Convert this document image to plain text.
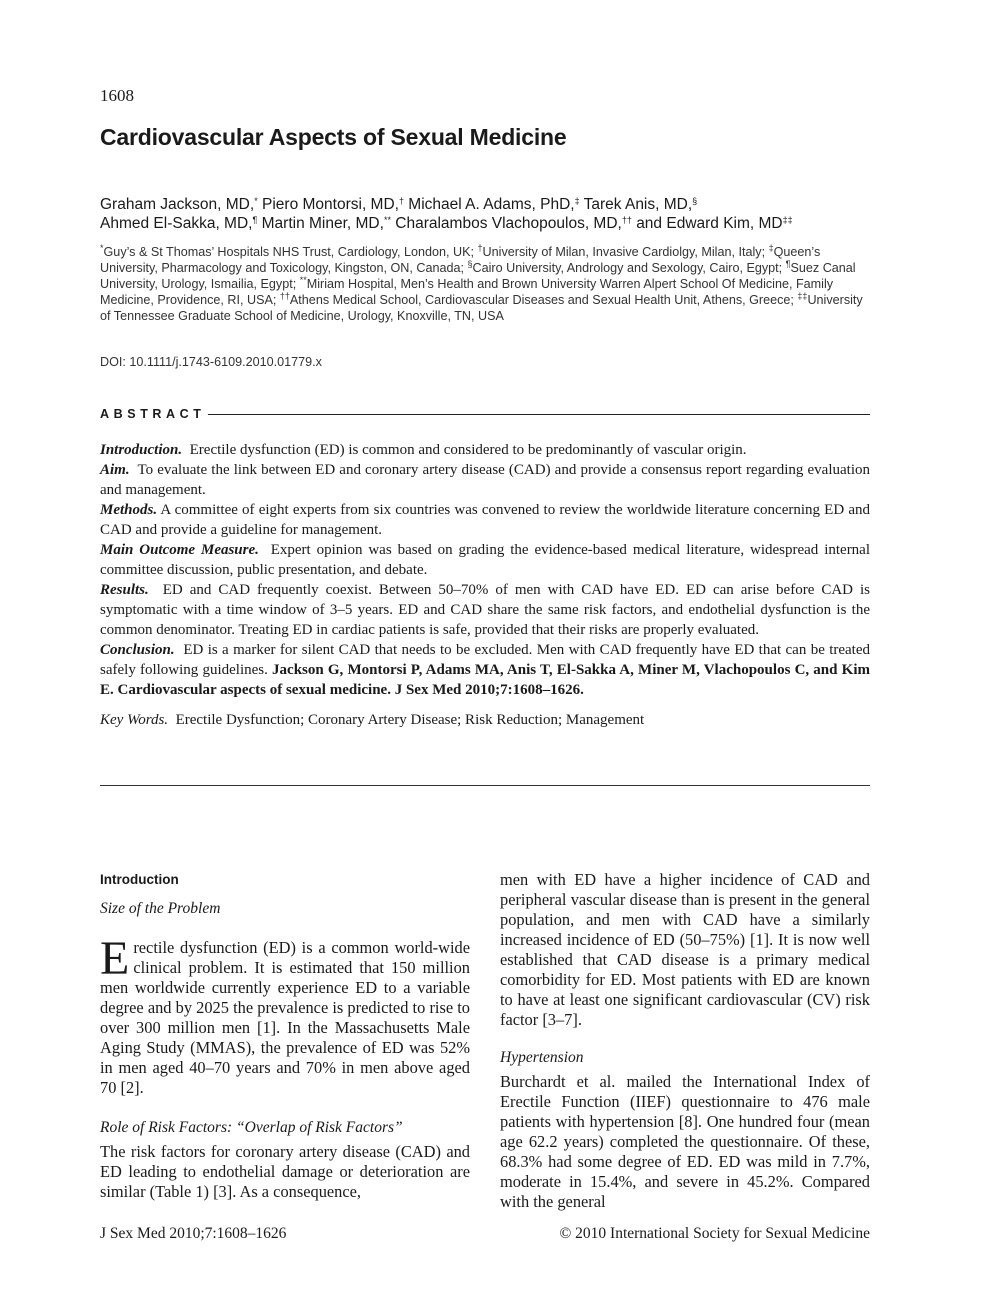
1608
Cardiovascular Aspects of Sexual Medicine
Graham Jackson, MD,* Piero Montorsi, MD,† Michael A. Adams, PhD,‡ Tarek Anis, MD,§
Ahmed El-Sakka, MD,¶ Martin Miner, MD,** Charalambos Vlachopoulos, MD,†† and Edward Kim, MD‡‡
*Guy’s & St Thomas’ Hospitals NHS Trust, Cardiology, London, UK; †University of Milan, Invasive Cardiolgy, Milan, Italy; ‡Queen’s University, Pharmacology and Toxicology, Kingston, ON, Canada; §Cairo University, Andrology and Sexology, Cairo, Egypt; ¶Suez Canal University, Urology, Ismailia, Egypt; **Miriam Hospital, Men’s Health and Brown University Warren Alpert School Of Medicine, Family Medicine, Providence, RI, USA; ††Athens Medical School, Cardiovascular Diseases and Sexual Health Unit, Athens, Greece; ‡‡University of Tennessee Graduate School of Medicine, Urology, Knoxville, TN, USA
DOI: 10.1111/j.1743-6109.2010.01779.x
ABSTRACT

Introduction. Erectile dysfunction (ED) is common and considered to be predominantly of vascular origin.

Aim. To evaluate the link between ED and coronary artery disease (CAD) and provide a consensus report regarding evaluation and management.

Methods. A committee of eight experts from six countries was convened to review the worldwide literature concerning ED and CAD and provide a guideline for management.

Main Outcome Measure. Expert opinion was based on grading the evidence-based medical literature, widespread internal committee discussion, public presentation, and debate.

Results. ED and CAD frequently coexist. Between 50–70% of men with CAD have ED. ED can arise before CAD is symptomatic with a time window of 3–5 years. ED and CAD share the same risk factors, and endothelial dysfunction is the common denominator. Treating ED in cardiac patients is safe, provided that their risks are properly evaluated.

Conclusion. ED is a marker for silent CAD that needs to be excluded. Men with CAD frequently have ED that can be treated safely following guidelines. Jackson G, Montorsi P, Adams MA, Anis T, El-Sakka A, Miner M, Vlachopoulos C, and Kim E. Cardiovascular aspects of sexual medicine. J Sex Med 2010;7:1608–1626.

Key Words. Erectile Dysfunction; Coronary Artery Disease; Risk Reduction; Management

Introduction

Size of the Problem

Erectile dysfunction (ED) is a common world-wide clinical problem. It is estimated that 150 million men worldwide currently experience ED to a variable degree and by 2025 the prevalence is predicted to rise to over 300 million men [1]. In the Massachusetts Male Aging Study (MMAS), the prevalence of ED was 52% in men aged 40–70 years and 70% in men above aged 70 [2].

Role of Risk Factors: “Overlap of Risk Factors”

The risk factors for coronary artery disease (CAD) and ED leading to endothelial damage or deterioration are similar (Table 1) [3]. As a consequence,

men with ED have a higher incidence of CAD and peripheral vascular disease than is present in the general population, and men with CAD have a similarly increased incidence of ED (50–75%) [1]. It is now well established that CAD disease is a primary medical comorbidity for ED. Most patients with ED are known to have at least one significant cardiovascular (CV) risk factor [3–7].

Hypertension

Burchardt et al. mailed the International Index of Erectile Function (IIEF) questionnaire to 476 male patients with hypertension [8]. One hundred four (mean age 62.2 years) completed the questionnaire. Of these, 68.3% had some degree of ED. ED was mild in 7.7%, moderate in 15.4%, and severe in 45.2%. Compared with the general

J Sex Med 2010;7:1608–1626	© 2010 International Society for Sexual Medicine
